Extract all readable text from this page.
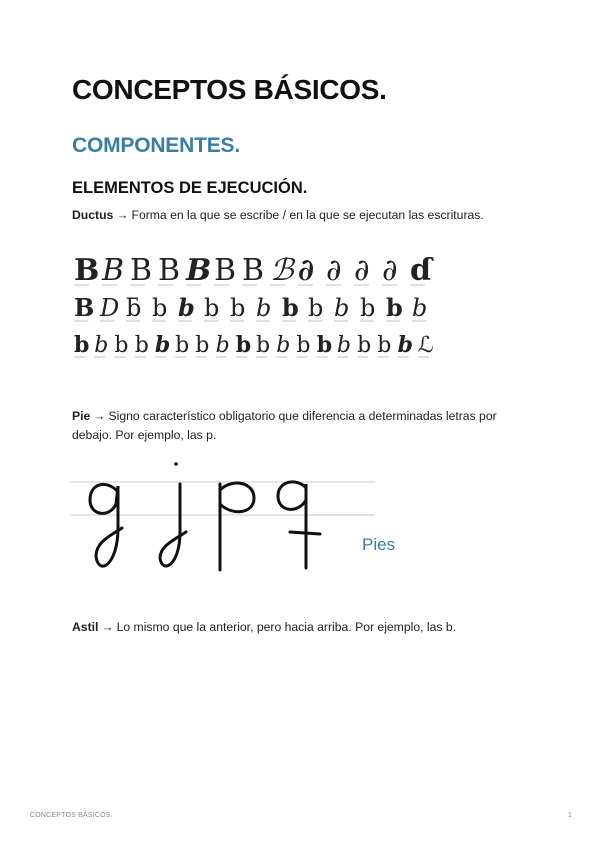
CONCEPTOS BÁSICOS.
COMPONENTES.
ELEMENTOS DE EJECUCIÓN.

Ductus → Forma en la que se escribe / en la que se ejecutan las escrituras.

B B B B B B B ℬ ∂ ∂ ∂ ∂ ɗ
B D ƃ b b b b b b b b b b b
b b b b b b b b b b b b b b b b b ℒ

Pie → Signo característico obligatorio que diferencia a determinadas letras por debajo. Por ejemplo, las p.

Pies

Astil → Lo mismo que la anterior, pero hacia arriba. Por ejemplo, las b.

CONCEPTOS BÁSICOS.	1
